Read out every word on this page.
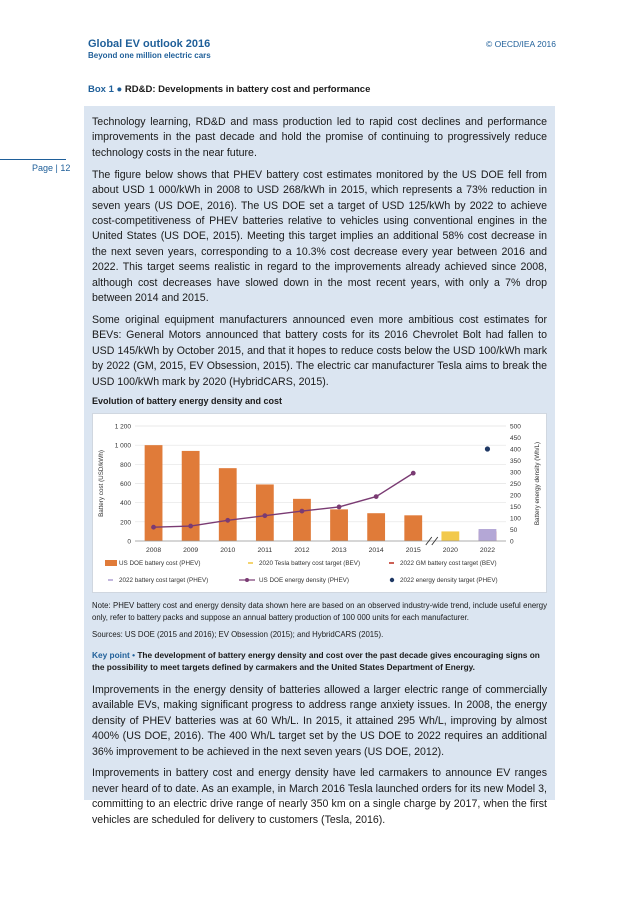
Global EV outlook 2016
Beyond one million electric cars
© OECD/IEA 2016
Box 1 ● RD&D: Developments in battery cost and performance
Page | 12

Technology learning, RD&D and mass production led to rapid cost declines and performance improvements in the past decade and hold the promise of continuing to progressively reduce technology costs in the near future.

The figure below shows that PHEV battery cost estimates monitored by the US DOE fell from about USD 1 000/kWh in 2008 to USD 268/kWh in 2015, which represents a 73% reduction in seven years (US DOE, 2016). The US DOE set a target of USD 125/kWh by 2022 to achieve cost-competitiveness of PHEV batteries relative to vehicles using conventional engines in the United States (US DOE, 2015). Meeting this target implies an additional 58% cost decrease in the next seven years, corresponding to a 10.3% cost decrease every year between 2016 and 2022. This target seems realistic in regard to the improvements already achieved since 2008, although cost decreases have slowed down in the most recent years, with only a 7% drop between 2014 and 2015.

Some original equipment manufacturers announced even more ambitious cost estimates for BEVs: General Motors announced that battery costs for its 2016 Chevrolet Bolt had fallen to USD 145/kWh by October 2015, and that it hopes to reduce costs below the USD 100/kWh mark by 2022 (GM, 2015, EV Obsession, 2015). The electric car manufacturer Tesla aims to break the USD 100/kWh mark by 2020 (HybridCARS, 2015).

Evolution of battery energy density and cost
0
200
400
600
800
1 000
1 200
0
50
100
150
200
250
300
350
400
450
500
2008	2009	2010	2011	2012	2013	2014	2015	2020	2022
Battery cost (USD/kWh)	Battery energy density (Wh/L)
US DOE battery cost (PHEV)	2020 Tesla battery cost target (BEV)	2022 GM battery cost target (BEV)
2022 battery cost target (PHEV)	US DOE energy density (PHEV)	2022 energy density target (PHEV)
Note: PHEV battery cost and energy density data shown here are based on an observed industry-wide trend, include useful energy only, refer to battery packs and suppose an annual battery production of 100 000 units for each manufacturer.
Sources: US DOE (2015 and 2016); EV Obsession (2015); and HybridCARS (2015).
Key point • The development of battery energy density and cost over the past decade gives encouraging signs on the possibility to meet targets defined by carmakers and the United States Department of Energy.

Improvements in the energy density of batteries allowed a larger electric range of commercially available EVs, making significant progress to address range anxiety issues. In 2008, the energy density of PHEV batteries was at 60 Wh/L. In 2015, it attained 295 Wh/L, improving by almost 400% (US DOE, 2016). The 400 Wh/L target set by the US DOE to 2022 requires an additional 36% improvement to be achieved in the next seven years (US DOE, 2012).

Improvements in battery cost and energy density have led carmakers to announce EV ranges never heard of to date. As an example, in March 2016 Tesla launched orders for its new Model 3, committing to an electric drive range of nearly 350 km on a single charge by 2017, when the first vehicles are scheduled for delivery to customers (Tesla, 2016).
